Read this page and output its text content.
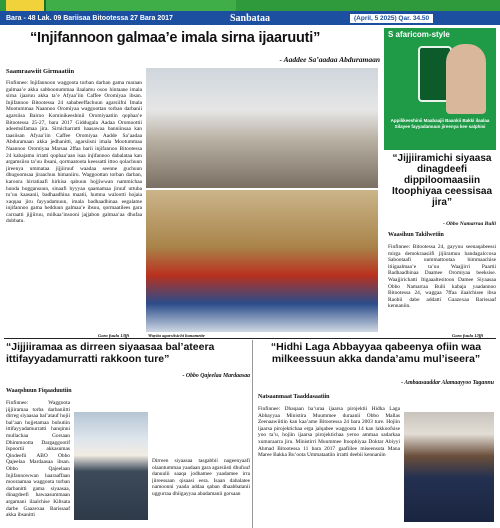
Bara - 48 Lak. 09 Bariisaa Bitootessa 27 Bara 2017	Sanbataa	(April, 5 2025) Qar. 34.50
“Injifannoon galmaa’e imala sirna ijaaruuti”
- Aaddee Sa’aadaa Abduramaan
Saamraawiit Girmaatiin
Finfinnee: Injifannoon waggoota torban darban gama maraan galmaa’e akka sabboonummaa ilaalamu osoo hintaane imala sirna ijaaruu akka ta’e Afyaa’iin Caffee Oromiyaa ibsan. Injifannoo Bitootessa 24 sababeeffachuun agarsiifni Imala Mootummaa Naannoo Oromiyaa waggoottan torban darbanii agarsiisa Bairoo Kominikeeshinii Oromiyaatiin qophaa’e Bitootessa 25-27, bara 2017 Giddugala Aadaa Oromoottii adeemsifamaa jira. Sirnicharratti haasawaa banniinsaa kan taasiisan Afyaa’iin Caffee Oromiyaa Aadde Sa’aadaa Abduramaan akka jedhanitti, agarsiisni imala Mootummaa Naannoo Oromiyaa Marsaa 2ffaa barii injifannoo Bitootessa 24 kabajamu irratti qophaa’aan isaa injifannoo dabalataa kan argamsiisu ta’uu ibsani, qormaatoota keessatti ittoo qolachuun jireenya ummataa jijjiiruuf waadaa seenne guchuun dhugoomsaa jiraachuu himaniiru. Waggoottan torban darban, karoora hirratiaafi hirkisa qabuun hojjiwwan nammichaa hunda hoggansuun, sinaafi hyyyaa qaamamaa jiruuf uttuba tu’uu kaasanii, badhaadhina maatii, humna walootti hojaia xaqqaa jiru fayyadamuun, imala badhaadhinaa eegalame injifannoo gama hedduun galmaa’e ibsuu, qormaatilees gara carraatti jijjiiruu, milkaa’insooni jajjabon galmaa’aa dhufaa dubbatu.
Gara fuula 13ffi	Wayita agarsiisichi banamette
S afaricom-style
Appilikeeshinii Maabaajii Baankii Bakki ilaalaa Silayee fayyadamuun jireenya kee salphisi
“Jijjiiramichi siyaasa dinagdeefi dippiloomaasiin Itoophiyaa ceessisaa jira”
- Obbo Namarraa Bulii
Waasihun Takilwetiin
Finfinnee: Bitootessa 24, gayyuu seenaqabeessi mirga demokraasiifi jijiiramuu handagalccosa Sabootaafi uummattootaa bimmaachise itiigaalmaa’e ta’uu Waajjirri Paartii Badhaadhinaa Daamee Oromiyaa beeksise. Waajjirichatti Itigaaaltesitoon Damee Siyaasaa Obbo Namarraa Bulii kabaja yaadannoo Bitootessa 24, waggaa 7ffaa ilaalchisee ibsa Raobii dabe addatti Gaazexaa Barissaaf kennaniin.
Gara fuula 12ffi
“Jijjiiramaa as dirreen siyaasaa bal’ateera ittifayyadamurratti rakkoon ture”
- Obbo Qajeelaa Mardaasaa
Waaqshuun Fiqaaduutiin
Finfinnee: Waggoota jijjiiramaa torba darbaniitti dirreg siyaasaa bal’atauf hojii bal’aan hojjetamaa buhutiin ittifayyadamurratti hanqinni mullachaa Gorsaan Dhimmootta Dargaggootif Ispoortii akkasumas Qindeefii ABO Obbo Qajeelaa Mardaasaa ibsan. Obbo Qajeelaan Injifannowwan haaraaffaan mooraamaa waggoota torban darbanitti gama siyaasaa, dinagdeefi hawaasummaan argamani ilaalchise Kiltsata darbe Gaazexaa Barissaaf akka ibsanitti
Dirreen siyaasaa tasgabbii nageenyaafi olaantummaa yaadaan gara agarsiisti dhufuuf danuulii saaqa jodhamee yaadamee irra jiireessaan qisaasi eera. Isaan dabalatee namoonni yaada addaa qaban dhaabbatanii uggurraa dhiigayyaa abadamanii gorsaan
“Hidhi Laga Abbayyaa qabeenya ofiin waa milkeessuun akka danda’amu mul’iseera”
- Ambaasaaddar Alamaayyoo Tagannu
Natsaanmaat Taaddasaatiin
Finfinnee: Dhaqaan ba’uraa ijaarsa pirojektii Hidha Laga Abbayyaa Ministira Muummee duraanii Obbo Mallas Zeenaawiitiin kan kaa’ame Bitootessa 24 bara 2003 ture. Hojiin ijaarsa pirojektichaa erga jalqabee waggoota 14 kan lakkoofsise yoo ta’u, hojiin ijaarsa pirojektichaa yeroo ammaa sadarkaa xumuraarra jiru. Ministirri Muummee Itoophiyaa Doktar Abiyyi Ahmad Bitootessa 11 bara 2017 gaafiilee miseensota Mana Maree Bakka Bu’oota Ummataatiin irratti deebii kennaniin
